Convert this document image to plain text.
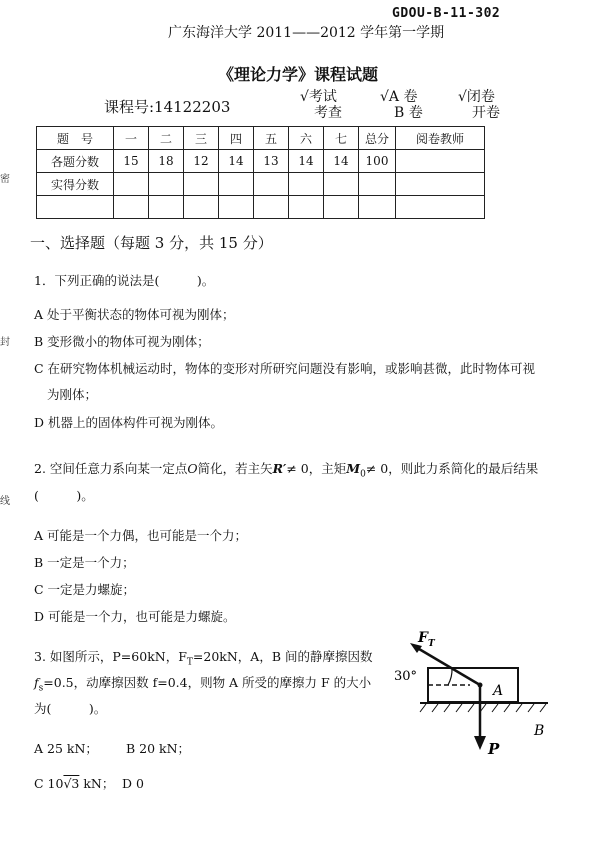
GDOU-B-11-302
广东海洋大学 2011——2012 学年第一学期
《理论力学》课程试题
课程号:14122203
√考试
考查
√A 卷
B 卷
√闭卷
开卷
密
封
线
题　号	一	二	三	四	五	六	七	总分	阅卷教师
各题分数	15	18	12	14	13	14	14	100	
实得分数									

一、选择题（每题 3 分，共 15 分）
1．下列正确的说法是(　　　)。
A 处于平衡状态的物体可视为刚体；
B 变形微小的物体可视为刚体；
C 在研究物体机械运动时，物体的变形对所研究问题没有影响，或影响甚微，此时物体可视
为刚体；
D 机器上的固体构件可视为刚体。
2. 空间任意力系向某一定点O简化，若主矢R′≠ 0，主矩$M_0\ne 0$，则此力系简化的最后结果
(　　　)。
A 可能是一个力偶，也可能是一个力；
B 一定是一个力；
C 一定是力螺旋；
D 可能是一个力，也可能是力螺旋。
3. 如图所示，P=60kN，$F_T=20kN$，A，B 间的静摩擦因数
$f_s=0.5$，动摩擦因数 f=0.4，则物 A 所受的摩擦力 F 的大小
为(　　　)。
A 25 kN； B 20 kN；
C 10√3 kN； D 0
$F_T$
30°
A
B
P
